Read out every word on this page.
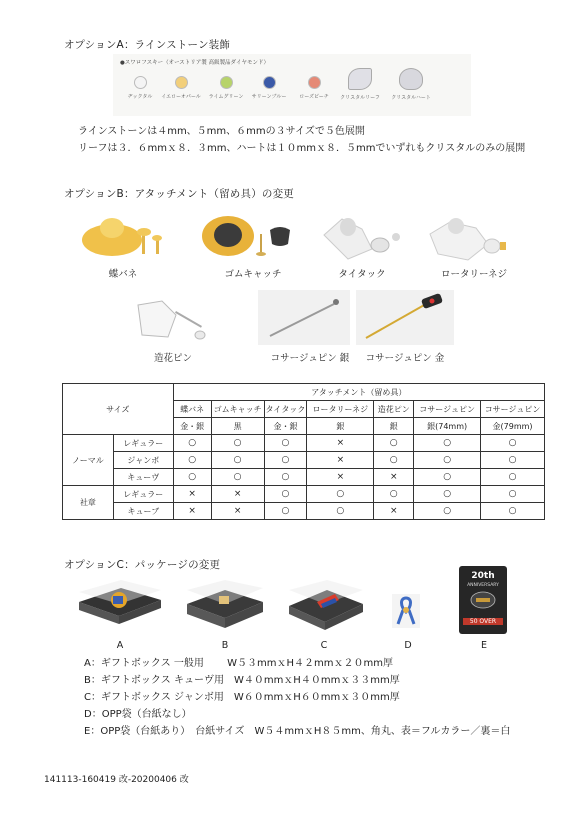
オプションA：ラインストーン装飾
●スワロフスキー（オーストリア製 高級製品ダイヤモンド）
ヂックタル	イエローオパール	ライムグリーン	サリーンブルー	ローズピーチ	クリスタルリーフ	クリスタルハート
ラインストーンは４mm、５mm、６mmの３サイズで５色展開
リーフは３．６mmｘ８．３mm、ハートは１０mmｘ８．５mmでいずれもクリスタルのみの展開
オプションB：アタッチメント（留め具）の変更
蝶バネ	ゴムキャッチ	タイタック	ロータリーネジ
造花ピン	コサージュピン 銀	コサージュピン 金
サイズ		アタッチメント（留め具）						
		蝶バネ	ゴムキャッチ	タイタック	ロータリーネジ	造花ピン	コサージュピン	コサージュピン
		金・銀	黒	金・銀	銀	銀	銀(74mm)	金(79mm)
ノーマル	レギュラー	○	○	○	×	○	○	○
	ジャンボ	○	○	○	×	○	○	○
	キューヴ	○	○	○	×	×	○	○
社章	レギュラー	×	×	○	○	○	○	○
	キューブ	×	×	○	○	×	○	○
オプションC：パッケージの変更
A	B	C	D
20th
ANNIVERSARY
50 OVER
E
A：ギフトボックス 一般用　　 W５３mmｘH４２mmｘ２０mm厚
B：ギフトボックス キューヴ用　W４０mmｘH４０mmｘ３３mm厚
C：ギフトボックス ジャンボ用　W６０mmｘH６０mmｘ３０mm厚
D：OPP袋（台紙なし）
E：OPP袋（台紙あり）　台紙サイズ　W５４mmｘH８５mm、角丸、表＝フルカラー／裏＝白
141113-160419 改-20200406 改
